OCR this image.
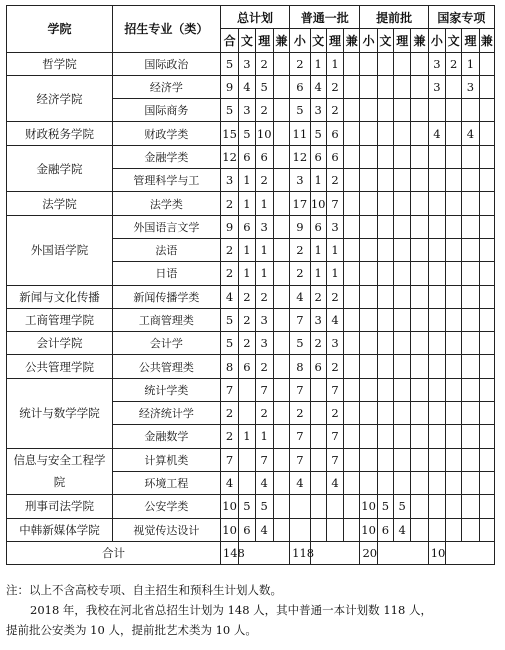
学院	招生专业（类）	总计划				普通一批				提前批				国家专项			
		合	文	理	兼	小	文	理	兼	小	文	理	兼	小	文	理	兼
哲学院	国际政治	5	3	2		2	1	1						3	2	1	
经济学院	经济学	9	4	5		6	4	2						3		3	
	国际商务	5	3	2		5	3	2									
财政税务学院	财政学类	15	5	10		11	5	6						4		4	
金融学院	金融学类	12	6	6		12	6	6									
	管理科学与工	3	1	2		3	1	2									
法学院	法学类	2	1	1		17	10	7									
外国语学院	外国语言文学	9	6	3		9	6	3									
	法语	2	1	1		2	1	1									
	日语	2	1	1		2	1	1									
新闻与文化传播	新闻传播学类	4	2	2		4	2	2									
工商管理学院	工商管理类	5	2	3		7	3	4									
会计学院	会计学	5	2	3		5	2	3									
公共管理学院	公共管理类	8	6	2		8	6	2									
统计与数学学院	统计学类	7		7		7		7									
	经济统计学	2		2		2		2									
	金融数学	2	1	1		7		7									
信息与安全工程学院	计算机类	7		7		7		7									
	环境工程	4		4		4		4									
刑事司法学院	公安学类	10	5	5						10	5	5					
中韩新媒体学院	视觉传达设计	10	6	4						10	6	4					
合计		148				118				20				10			

注：以上不含高校专项、自主招生和预科生计划人数。

2018 年，我校在河北省总招生计划为 148 人，其中普通一本计划数 118 人，

提前批公安类为 10 人，提前批艺术类为 10 人。
